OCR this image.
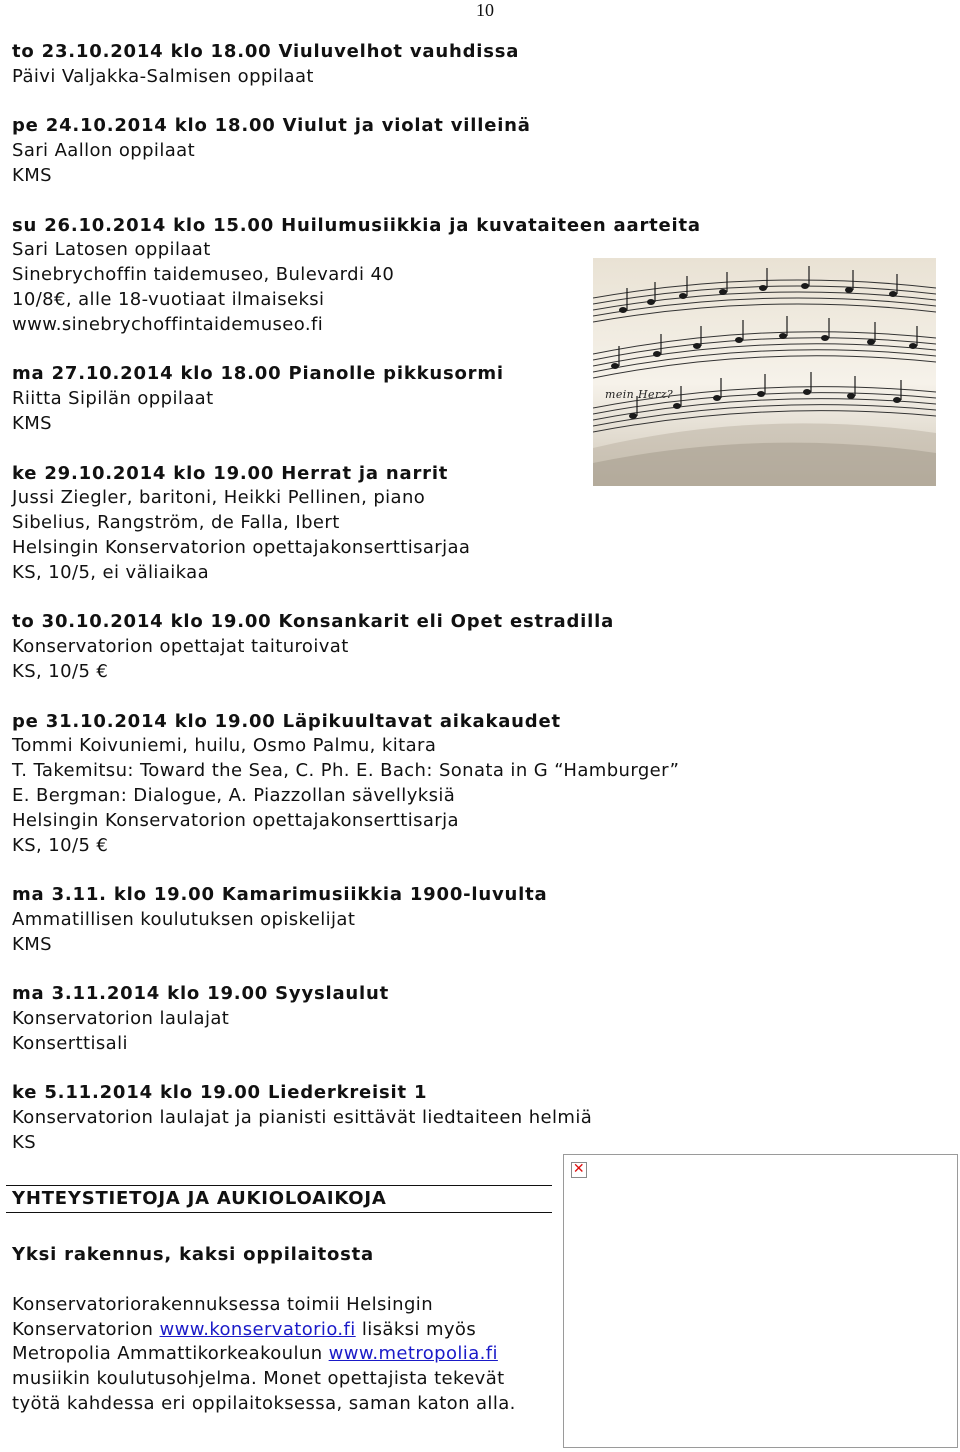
10
to 23.10.2014 klo 18.00 Viuluvelhot vauhdissa
Päivi Valjakka-Salmisen oppilaat
pe 24.10.2014 klo 18.00 Viulut ja violat villeinä
Sari Aallon oppilaat
KMS
su 26.10.2014 klo 15.00 Huilumusiikkia ja kuvataiteen aarteita
Sari Latosen oppilaat
Sinebrychoffin taidemuseo, Bulevardi 40
10/8€, alle 18-vuotiaat ilmaiseksi
www.sinebrychoffintaidemuseo.fi
ma 27.10.2014 klo 18.00 Pianolle pikkusormi
Riitta Sipilän oppilaat
KMS
ke 29.10.2014 klo 19.00 Herrat ja narrit
Jussi Ziegler, baritoni, Heikki Pellinen, piano
Sibelius, Rangström, de Falla, Ibert
Helsingin Konservatorion opettajakonserttisarjaa
KS, 10/5, ei väliaikaa
to 30.10.2014 klo 19.00 Konsankarit eli Opet estradilla
Konservatorion opettajat taituroivat
KS, 10/5 €
pe 31.10.2014 klo 19.00 Läpikuultavat aikakaudet
Tommi Koivuniemi, huilu, Osmo Palmu, kitara
T. Takemitsu: Toward the Sea, C. Ph. E. Bach: Sonata in G “Hamburger”
E. Bergman: Dialogue, A. Piazzollan sävellyksiä
Helsingin Konservatorion opettajakonserttisarja
KS, 10/5 €
ma 3.11. klo 19.00 Kamarimusiikkia 1900-luvulta
Ammatillisen koulutuksen opiskelijat
KMS
ma 3.11.2014 klo 19.00 Syyslaulut
Konservatorion laulajat
Konserttisali
ke 5.11.2014 klo 19.00 Liederkreisit 1
Konservatorion laulajat ja pianisti esittävät liedtaiteen helmiä
KS
mein Herz?
✕
YHTEYSTIETOJA JA AUKIOLOAIKOJA
Yksi rakennus, kaksi oppilaitosta
Konservatoriorakennuksessa toimii Helsingin Konservatorion www.konservatorio.fi lisäksi myös Metropolia Ammattikorkeakoulun www.metropolia.fi musiikin koulutusohjelma. Monet opettajista tekevät työtä kahdessa eri oppilaitoksessa, saman katon alla.
